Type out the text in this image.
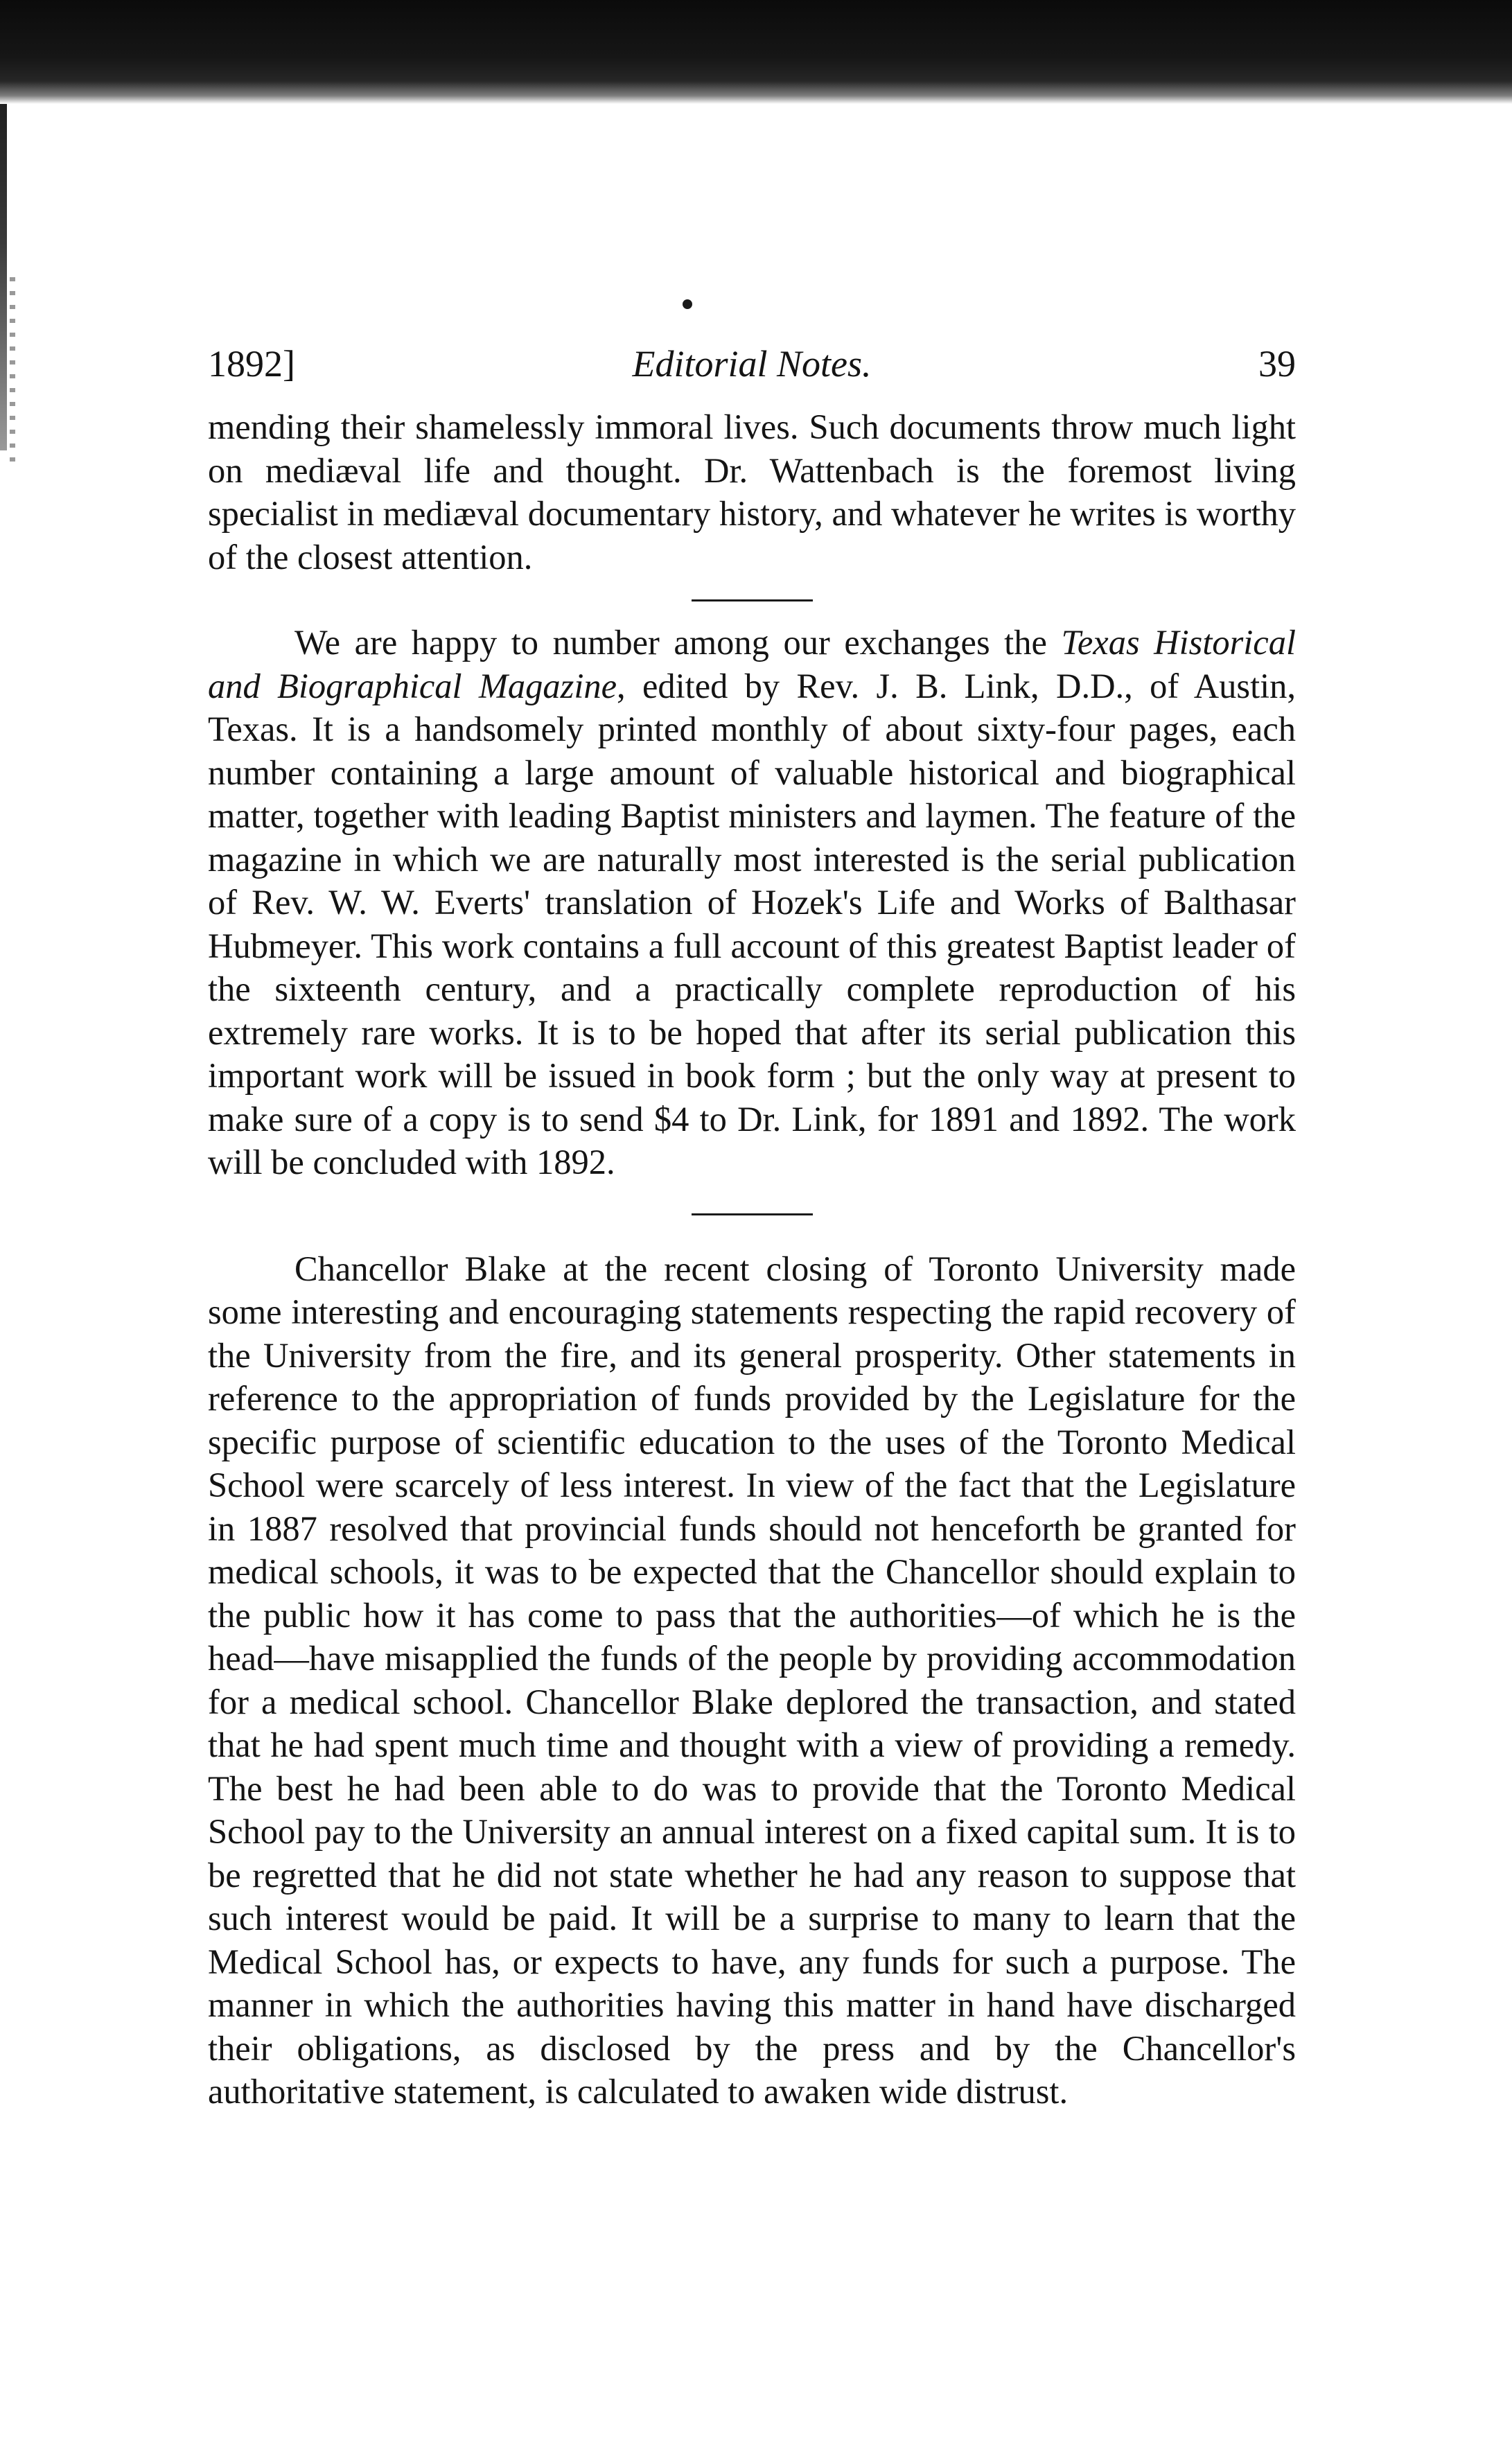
1892]	Editorial Notes.	39

mending their shamelessly immoral lives. Such documents throw much light on mediæval life and thought. Dr. Wattenbach is the foremost living specialist in mediæval documentary history, and whatever he writes is worthy of the closest attention.

We are happy to number among our exchanges the Texas Historical and Biographical Magazine, edited by Rev. J. B. Link, D.D., of Austin, Texas. It is a handsomely printed monthly of about sixty-four pages, each number containing a large amount of valuable historical and biographical matter, together with leading Baptist ministers and laymen. The feature of the magazine in which we are naturally most interested is the serial publication of Rev. W. W. Everts' translation of Hozek's Life and Works of Balthasar Hubmeyer. This work contains a full account of this greatest Baptist leader of the sixteenth century, and a practically complete reproduction of his extremely rare works. It is to be hoped that after its serial publication this important work will be issued in book form ; but the only way at present to make sure of a copy is to send $4 to Dr. Link, for 1891 and 1892. The work will be concluded with 1892.

Chancellor Blake at the recent closing of Toronto University made some interesting and encouraging statements respecting the rapid recovery of the University from the fire, and its general prosperity. Other statements in reference to the appropriation of funds provided by the Legislature for the specific purpose of scientific education to the uses of the Toronto Medical School were scarcely of less interest. In view of the fact that the Legislature in 1887 resolved that provincial funds should not henceforth be granted for medical schools, it was to be expected that the Chancellor should explain to the public how it has come to pass that the authorities—of which he is the head—have misapplied the funds of the people by providing accommodation for a medical school. Chancellor Blake deplored the transaction, and stated that he had spent much time and thought with a view of providing a remedy. The best he had been able to do was to provide that the Toronto Medical School pay to the University an annual interest on a fixed capital sum. It is to be regretted that he did not state whether he had any reason to suppose that such interest would be paid. It will be a surprise to many to learn that the Medical School has, or expects to have, any funds for such a purpose. The manner in which the authorities having this matter in hand have discharged their obligations, as disclosed by the press and by the Chancellor's authoritative statement, is calculated to awaken wide distrust.
